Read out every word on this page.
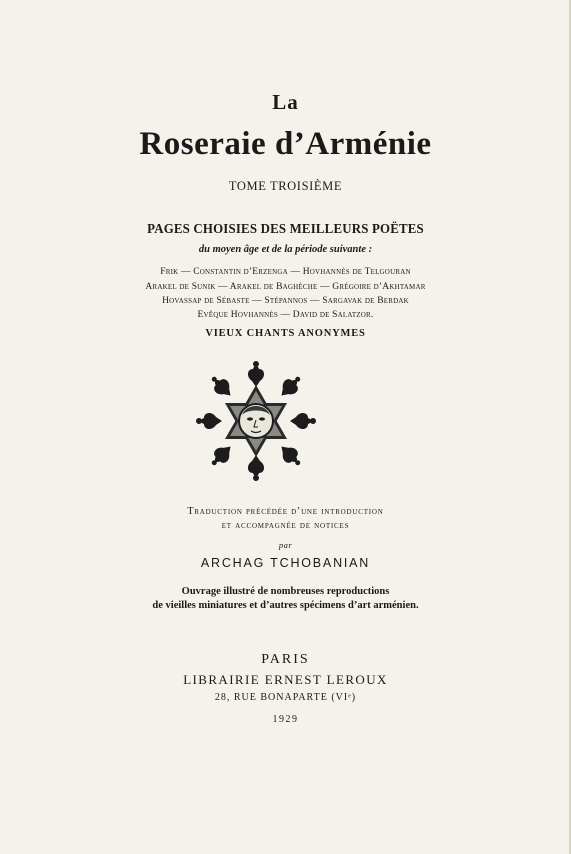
La
Roseraie d’Arménie
TOME TROISIÈME
PAGES CHOISIES DES MEILLEURS POËTES
du moyen âge et de la période suivante :
Frik — Constantin d’Erzenga — Hovhannès de Telgouran
Arakel de Sunik — Arakel de Baghèche — Grégoire d’Akhtamar
Hovassap de Sébaste — Stépannos — Sargavak de Berdak
Evêque Hovhannès — David de Salatzor.
VIEUX CHANTS ANONYMES
Traduction précédée d’une introduction
et accompagnée de notices
par
ARCHAG TCHOBANIAN
Ouvrage illustré de nombreuses reproductions
de vieilles miniatures et d’autres spécimens d’art arménien.
PARIS
LIBRAIRIE ERNEST LEROUX
28, RUE BONAPARTE (VIᵉ)
1929
